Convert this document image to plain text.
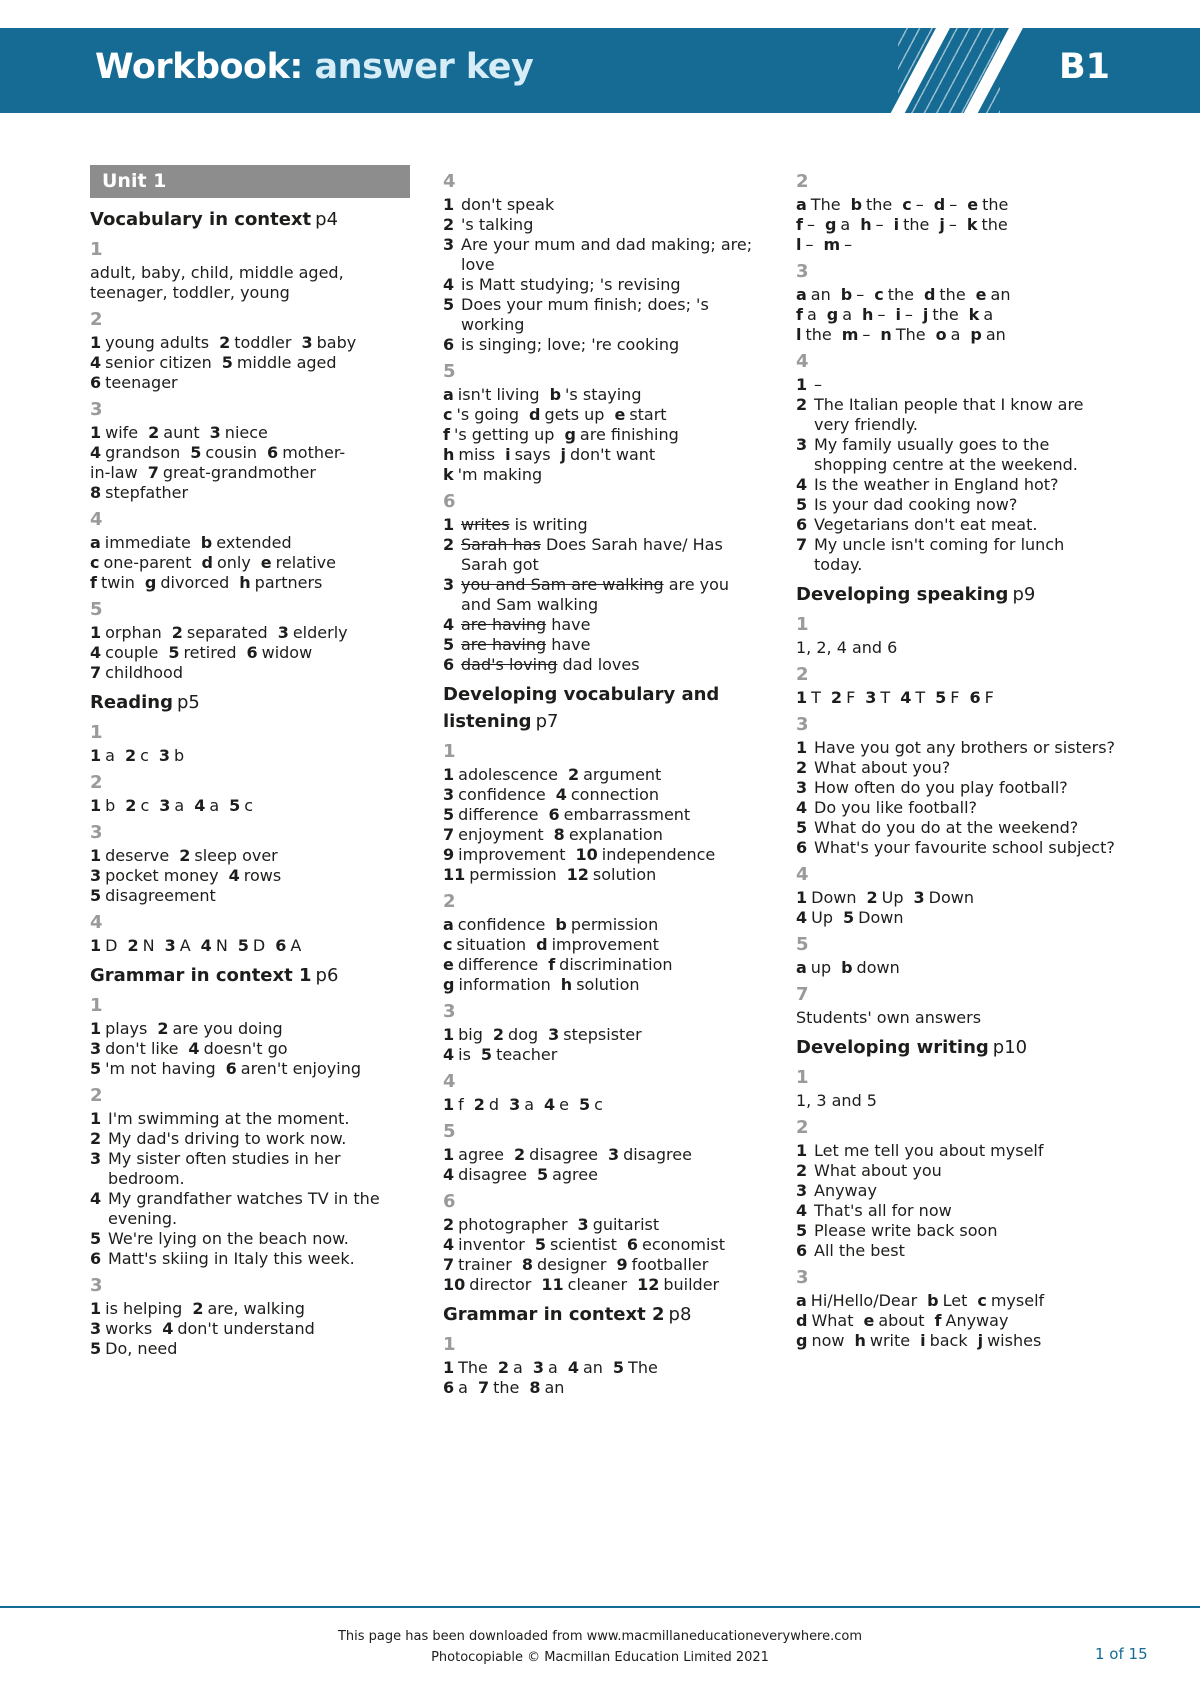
Workbook: answer key	B1
Unit 1
Vocabulary in context p4
1
adult, baby, child, middle aged, teenager, toddler, young
2
1 young adults 2 toddler 3 baby
4 senior citizen 5 middle aged
6 teenager
3
1 wife 2 aunt 3 niece
4 grandson 5 cousin 6 mother-
in-law 7 great-grandmother
8 stepfather
4
a immediate b extended
c one-parent d only e relative
f twin g divorced h partners
5
1 orphan 2 separated 3 elderly
4 couple 5 retired 6 widow
7 childhood
Reading p5
1
1 a 2 c 3 b
2
1 b 2 c 3 a 4 a 5 c
3
1 deserve 2 sleep over
3 pocket money 4 rows
5 disagreement
4
1 D 2 N 3 A 4 N 5 D 6 A
Grammar in context 1 p6
1
1 plays 2 are you doing
3 don't like 4 doesn't go
5 'm not having 6 aren't enjoying
2
1 I'm swimming at the moment.
2 My dad's driving to work now.
3 My sister often studies in her bedroom.
4 My grandfather watches TV in the evening.
5 We're lying on the beach now.
6 Matt's skiing in Italy this week.
3
1 is helping 2 are, walking
3 works 4 don't understand
5 Do, need
4
1 don't speak
2 's talking
3 Are your mum and dad making; are; love
4 is Matt studying; 's revising
5 Does your mum finish; does; 's working
6 is singing; love; 're cooking
5
a isn't living b 's staying
c 's going d gets up e start
f 's getting up g are finishing
h miss i says j don't want
k 'm making
6
1 writes is writing
2 Sarah has Does Sarah have/ Has Sarah got
3 you and Sam are walking are you and Sam walking
4 are having have
5 are having have
6 dad's loving dad loves
Developing vocabulary and listening p7
1
1 adolescence 2 argument
3 confidence 4 connection
5 difference 6 embarrassment
7 enjoyment 8 explanation
9 improvement 10 independence
11 permission 12 solution
2
a confidence b permission
c situation d improvement
e difference f discrimination
g information h solution
3
1 big 2 dog 3 stepsister
4 is 5 teacher
4
1 f 2 d 3 a 4 e 5 c
5
1 agree 2 disagree 3 disagree
4 disagree 5 agree
6
2 photographer 3 guitarist
4 inventor 5 scientist 6 economist
7 trainer 8 designer 9 footballer
10 director 11 cleaner 12 builder
Grammar in context 2 p8
1
1 The 2 a 3 a 4 an 5 The
6 a 7 the 8 an
2
a The b the c – d – e the
f – g a h – i the j – k the
l – m –
3
a an b – c the d the e an
f a g a h – i – j the k a
l the m – n The o a p an
4
1 –
2 The Italian people that I know are very friendly.
3 My family usually goes to the shopping centre at the weekend.
4 Is the weather in England hot?
5 Is your dad cooking now?
6 Vegetarians don't eat meat.
7 My uncle isn't coming for lunch today.
Developing speaking p9
1
1, 2, 4 and 6
2
1 T 2 F 3 T 4 T 5 F 6 F
3
1 Have you got any brothers or sisters?
2 What about you?
3 How often do you play football?
4 Do you like football?
5 What do you do at the weekend?
6 What's your favourite school subject?
4
1 Down 2 Up 3 Down
4 Up 5 Down
5
a up b down
7
Students' own answers
Developing writing p10
1
1, 3 and 5
2
1 Let me tell you about myself
2 What about you
3 Anyway
4 That's all for now
5 Please write back soon
6 All the best
3
a Hi/Hello/Dear b Let c myself
d What e about f Anyway
g now h write i back j wishes
This page has been downloaded from www.macmillaneducationeverywhere.com
Photocopiable © Macmillan Education Limited 2021	1 of 15
